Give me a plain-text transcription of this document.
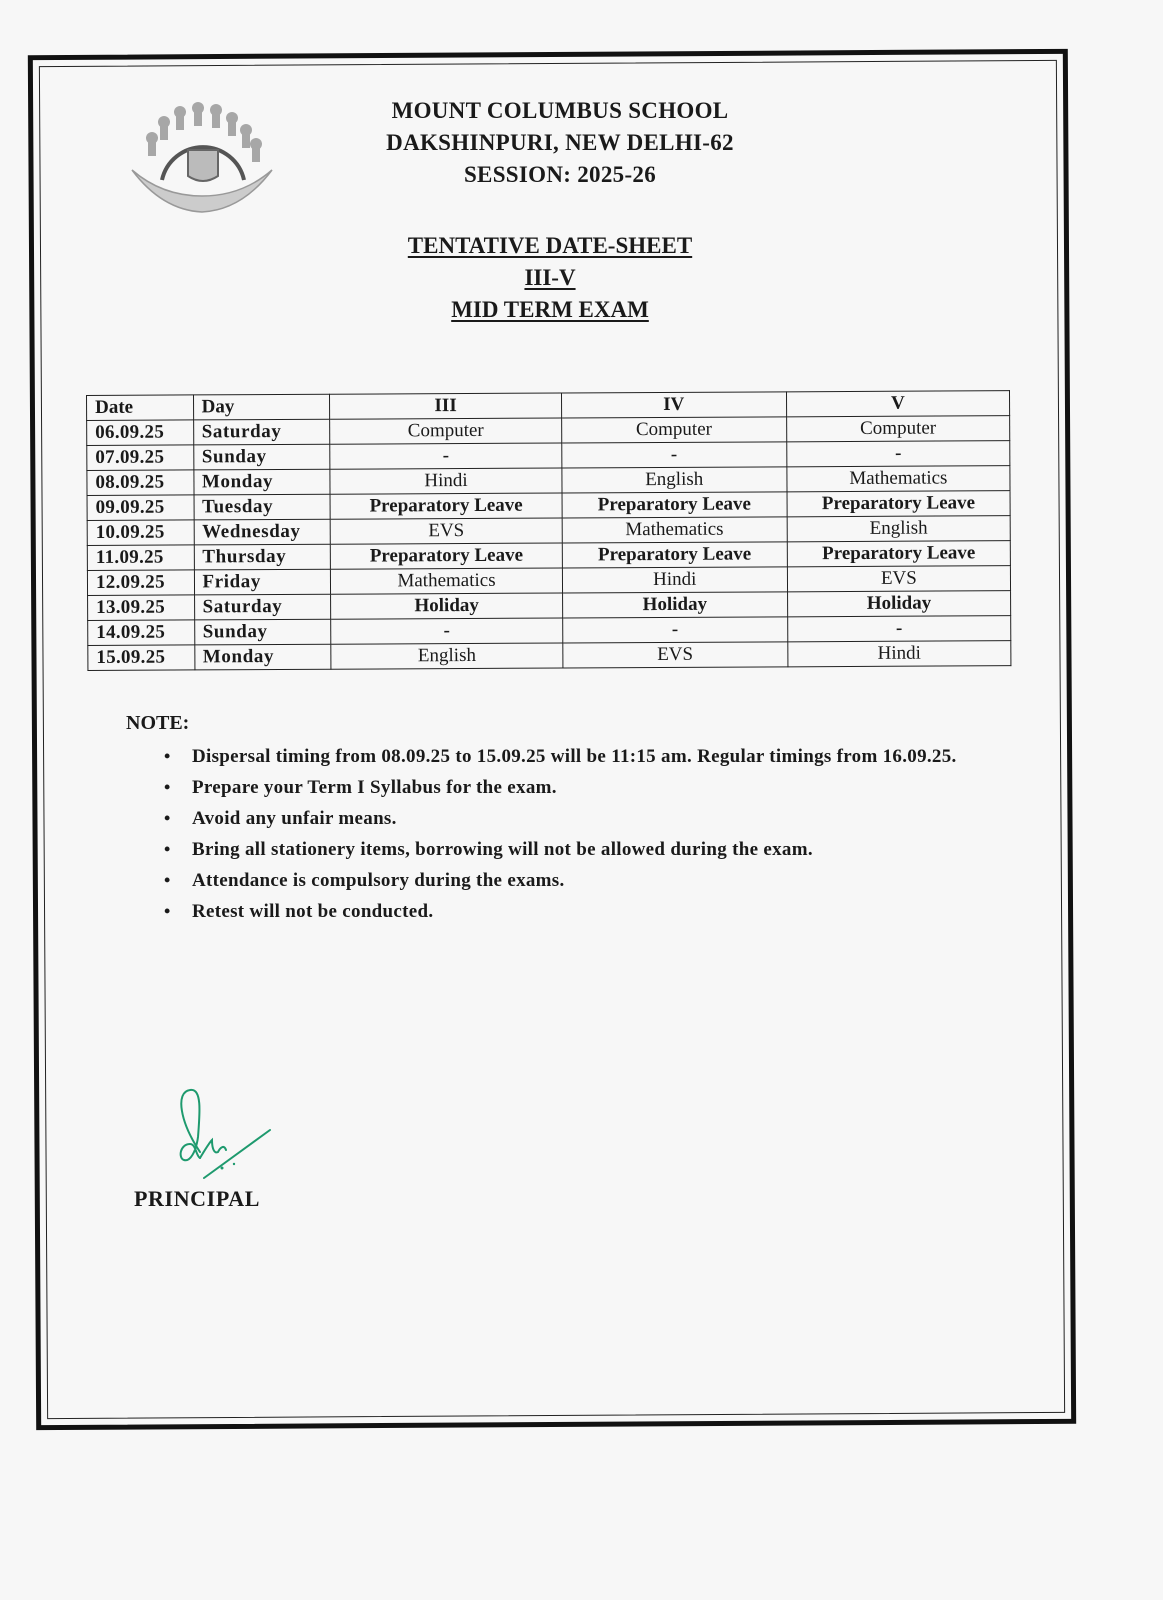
MOUNT COLUMBUS SCHOOL
DAKSHINPURI, NEW DELHI-62
SESSION: 2025-26
TENTATIVE DATE-SHEET
III-V
MID TERM EXAM
Date	Day	III	IV	V
06.09.25	Saturday	Computer	Computer	Computer
07.09.25	Sunday	-	-	-
08.09.25	Monday	Hindi	English	Mathematics
09.09.25	Tuesday	Preparatory Leave	Preparatory Leave	Preparatory Leave
10.09.25	Wednesday	EVS	Mathematics	English
11.09.25	Thursday	Preparatory Leave	Preparatory Leave	Preparatory Leave
12.09.25	Friday	Mathematics	Hindi	EVS
13.09.25	Saturday	Holiday	Holiday	Holiday
14.09.25	Sunday	-	-	-
15.09.25	Monday	English	EVS	Hindi
NOTE:
• Dispersal timing from 08.09.25 to 15.09.25 will be 11:15 am. Regular timings from 16.09.25.
• Prepare your Term I Syllabus for the exam.
• Avoid any unfair means.
• Bring all stationery items, borrowing will not be allowed during the exam.
• Attendance is compulsory during the exams.
• Retest will not be conducted.
PRINCIPAL
